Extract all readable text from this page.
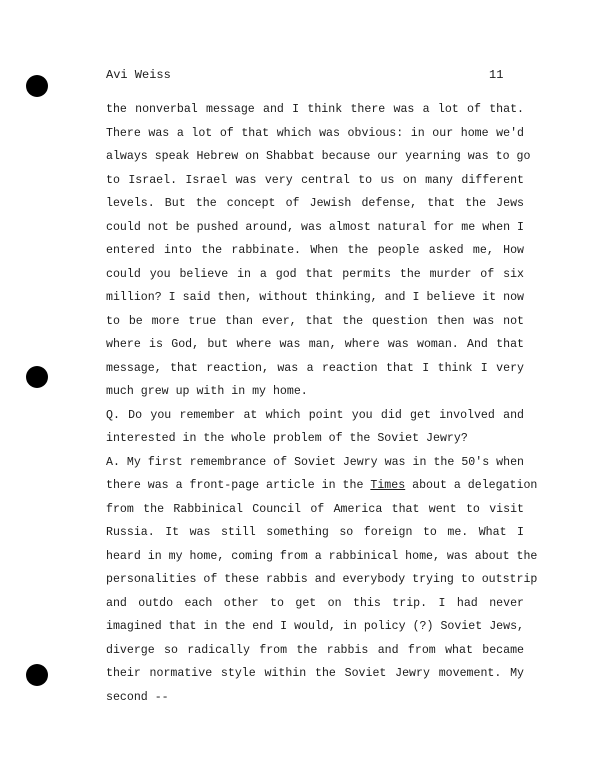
Avi Weiss	11
the nonverbal message and I think there was a lot of that.
There was a lot of that which was obvious: in our home we'd
always speak Hebrew on Shabbat because our yearning was to go
to Israel. Israel was very central to us on many different
levels. But the concept of Jewish defense, that the Jews
could not be pushed around, was almost natural for me when I
entered into the rabbinate. When the people asked me, How
could you believe in a god that permits the murder of six
million? I said then, without thinking, and I believe it now
to be more true than ever, that the question then was not
where is God, but where was man, where was woman. And that
message, that reaction, was a reaction that I think I very
much grew up with in my home.
Q. Do you remember at which point you did get involved and
interested in the whole problem of the Soviet Jewry?
A. My first remembrance of Soviet Jewry was in the 50's when
there was a front-page article in the Times about a delegation
from the Rabbinical Council of America that went to visit
Russia. It was still something so foreign to me. What I
heard in my home, coming from a rabbinical home, was about the
personalities of these rabbis and everybody trying to outstrip
and outdo each other to get on this trip. I had never
imagined that in the end I would, in policy (?) Soviet Jews,
diverge so radically from the rabbis and from what became
their normative style within the Soviet Jewry movement. My
second --
